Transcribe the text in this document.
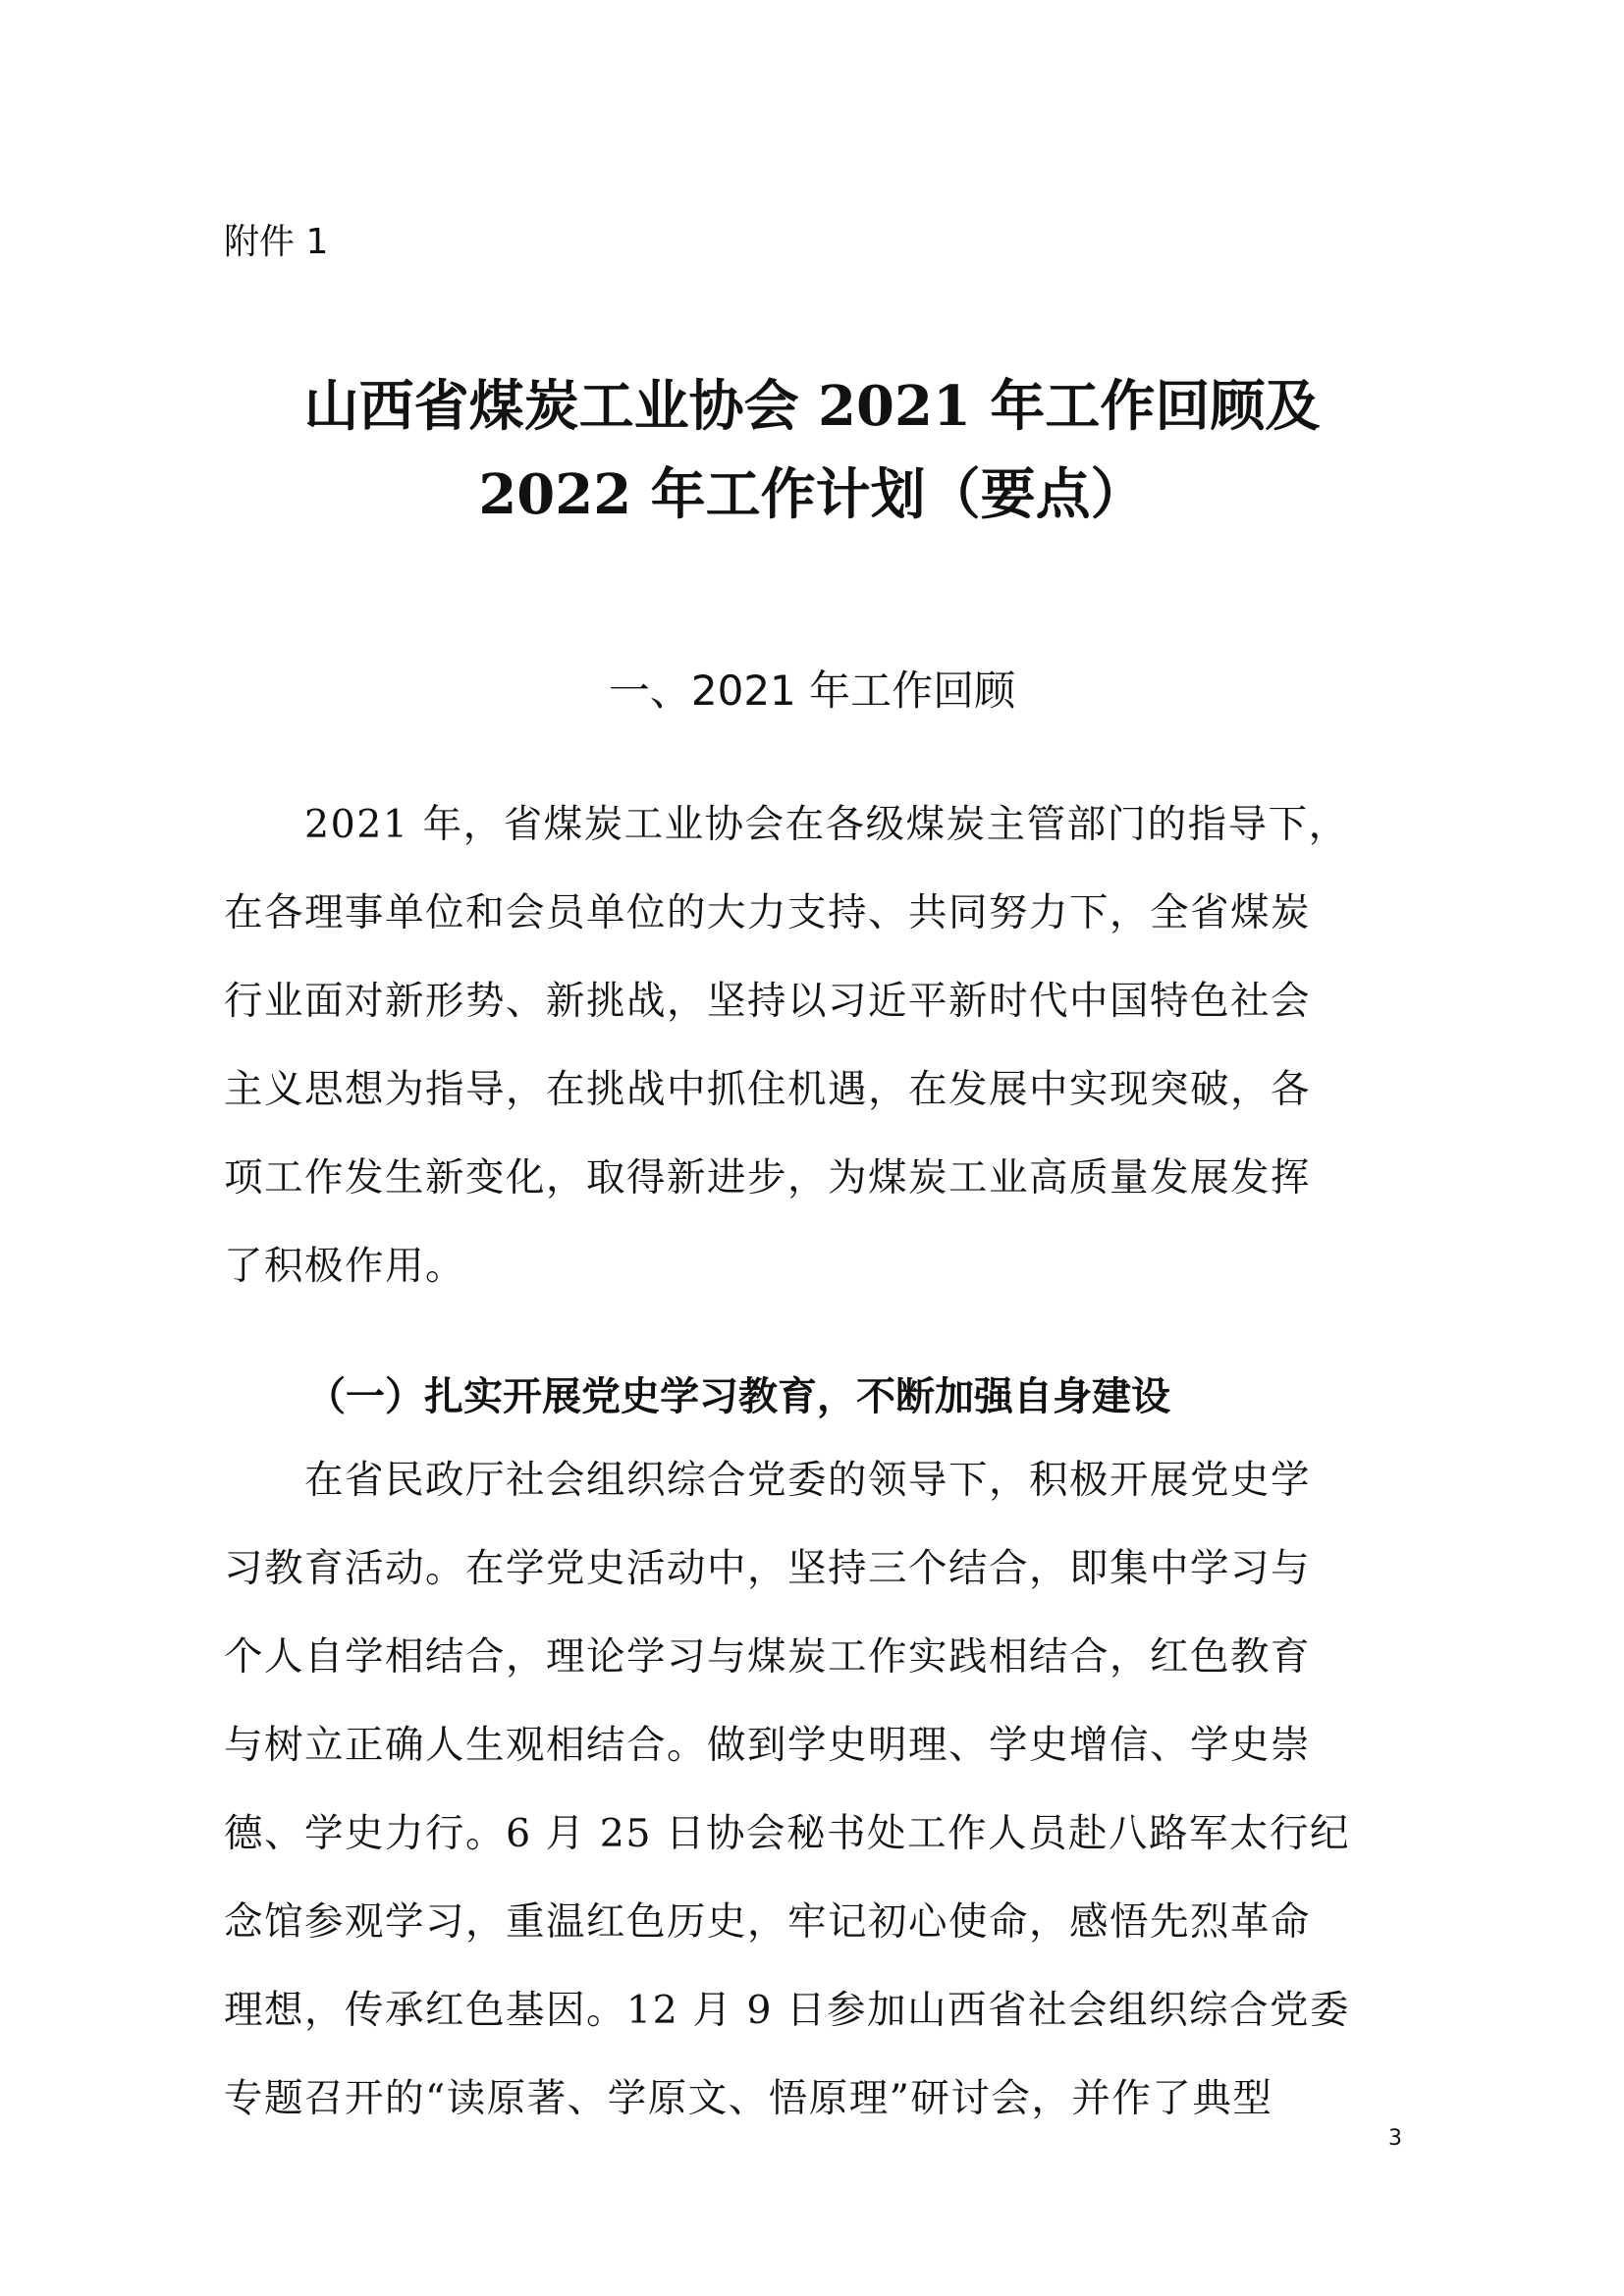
附件 1
山西省煤炭工业协会 2021 年工作回顾及
2022 年工作计划（要点）
一、2021 年工作回顾
　　2021 年，省煤炭工业协会在各级煤炭主管部门的指导下，
在各理事单位和会员单位的大力支持、共同努力下，全省煤炭
行业面对新形势、新挑战，坚持以习近平新时代中国特色社会
主义思想为指导，在挑战中抓住机遇，在发展中实现突破，各
项工作发生新变化，取得新进步，为煤炭工业高质量发展发挥
了积极作用。
（一）扎实开展党史学习教育，不断加强自身建设
　　在省民政厅社会组织综合党委的领导下，积极开展党史学
习教育活动。在学党史活动中，坚持三个结合，即集中学习与
个人自学相结合，理论学习与煤炭工作实践相结合，红色教育
与树立正确人生观相结合。做到学史明理、学史增信、学史崇
德、学史力行。6 月 25 日协会秘书处工作人员赴八路军太行纪
念馆参观学习，重温红色历史，牢记初心使命，感悟先烈革命
理想，传承红色基因。12 月 9 日参加山西省社会组织综合党委
专题召开的“读原著、学原文、悟原理”研讨会，并作了典型
3
